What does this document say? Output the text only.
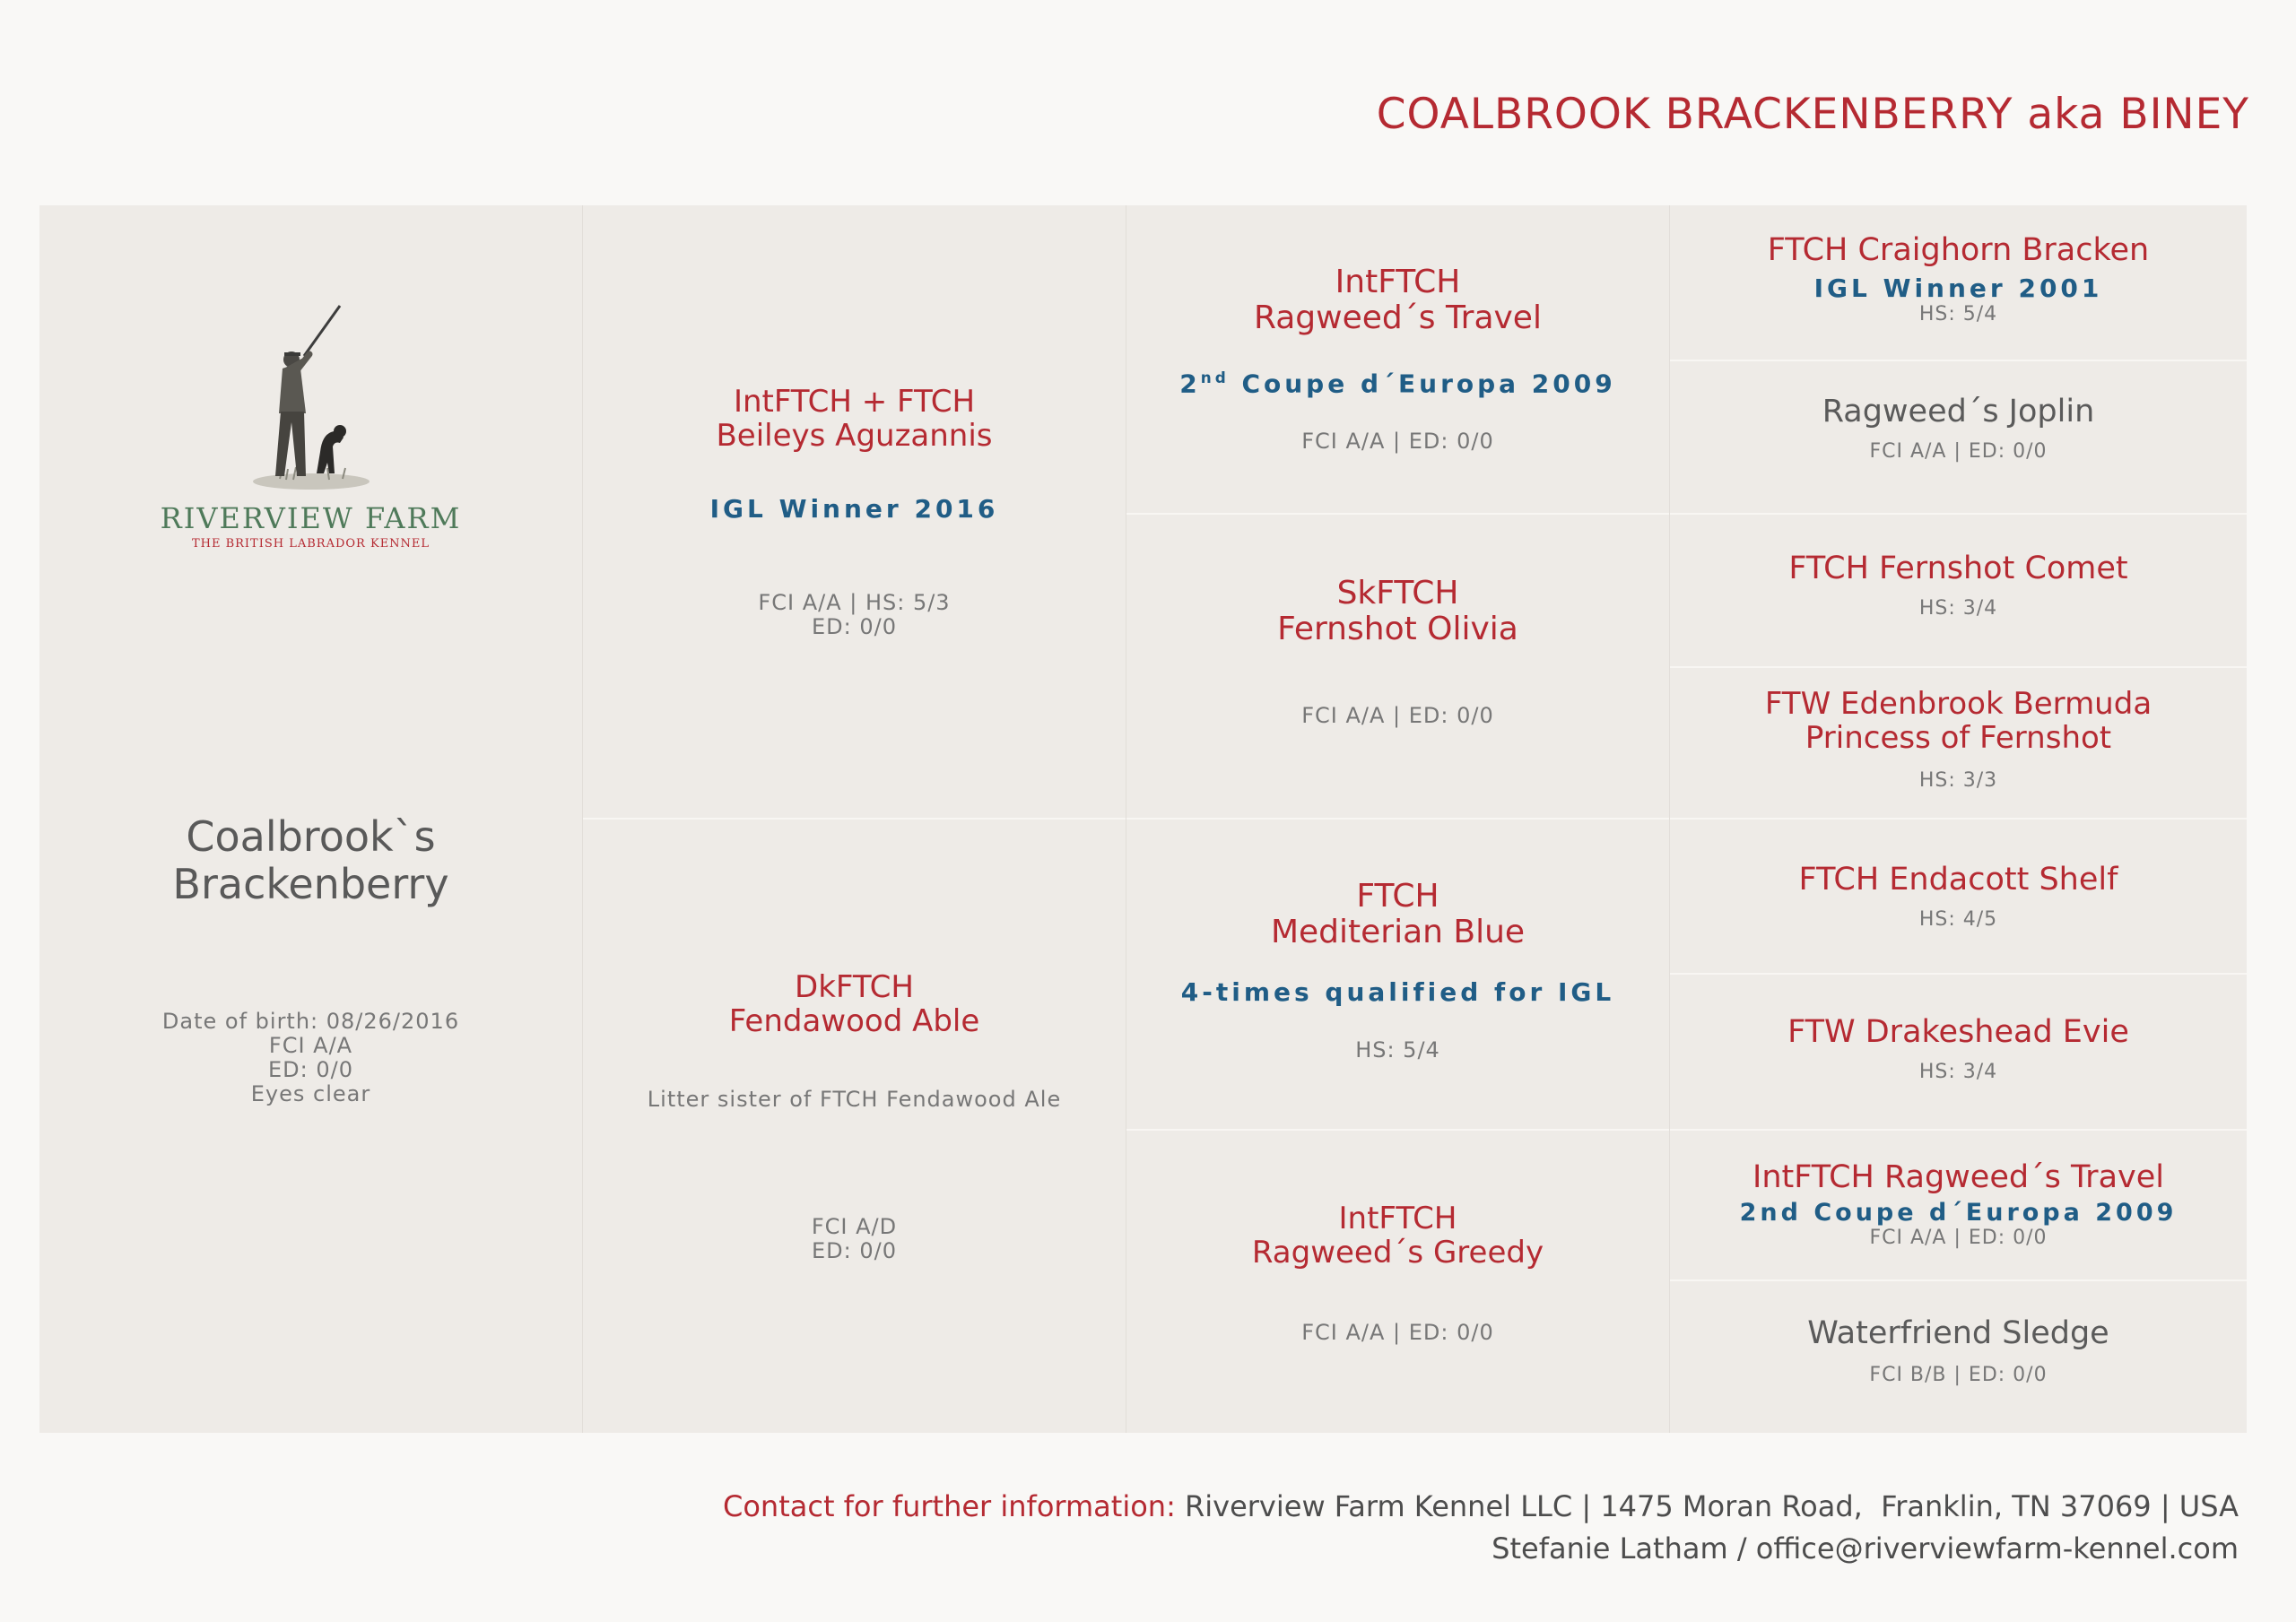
COALBROOK BRACKENBERRY aka BINEY
RIVERVIEW FARM
THE BRITISH LABRADOR KENNEL
Coalbrook`s
Brackenberry
Date of birth: 08/26/2016
FCI A/A
ED: 0/0
Eyes clear
IntFTCH + FTCH
Beileys Aguzannis
IGL Winner 2016
FCI A/A | HS: 5/3
ED: 0/0
DkFTCH
Fendawood Able
Litter sister of FTCH Fendawood Ale
FCI A/D
ED: 0/0
IntFTCH
Ragweed´s Travel
2nd Coupe d´Europa 2009
FCI A/A | ED: 0/0
SkFTCH
Fernshot Olivia
FCI A/A | ED: 0/0
FTCH
Mediterian Blue
4-times qualified for IGL
HS: 5/4
IntFTCH
Ragweed´s Greedy
FCI A/A | ED: 0/0
FTCH Craighorn Bracken
IGL Winner 2001
HS: 5/4
Ragweed´s Joplin
FCI A/A | ED: 0/0
FTCH Fernshot Comet
HS: 3/4
FTW Edenbrook Bermuda
Princess of Fernshot
HS: 3/3
FTCH Endacott Shelf
HS: 4/5
FTW Drakeshead Evie
HS: 3/4
IntFTCH Ragweed´s Travel
2nd Coupe d´Europa 2009
FCI A/A | ED: 0/0
Waterfriend Sledge
FCI B/B | ED: 0/0
Contact for further information: Riverview Farm Kennel LLC | 1475 Moran Road,  Franklin, TN 37069 | USA
Stefanie Latham / office@riverviewfarm-kennel.com
